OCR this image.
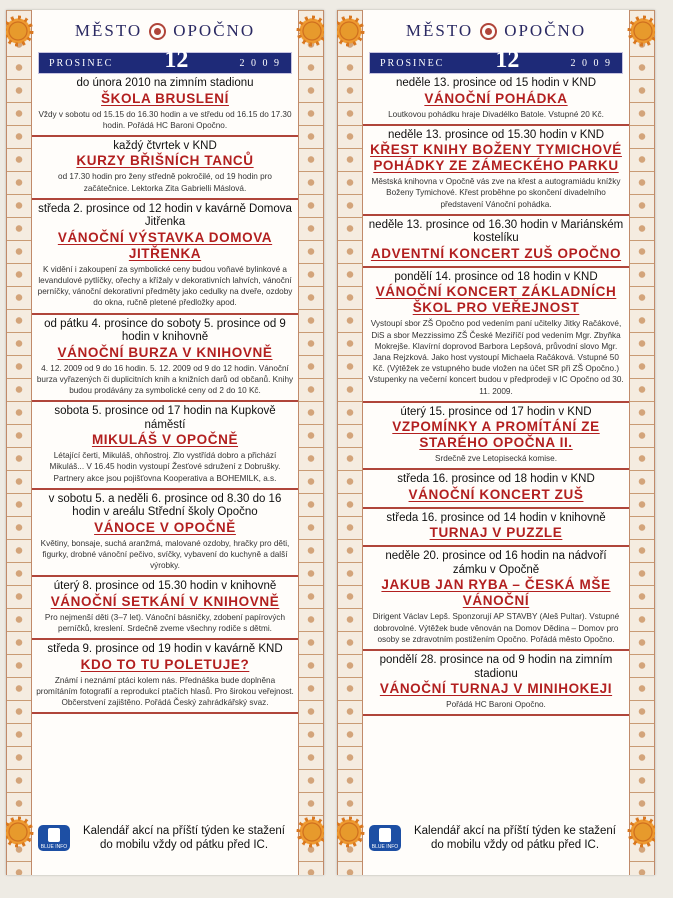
MĚSTO OPOČNO
PROSINEC 12	2 0 0 9
do února 2010 na zimním stadionu
ŠKOLA BRUSLENÍ
Vždy v sobotu od 15.15 do 16.30 hodin a ve středu od 16.15 do 17.30 hodin. Pořádá HC Baroni Opočno.
každý čtvrtek v KND
KURZY BŘIŠNÍCH TANCŮ
od 17.30 hodin pro ženy středně pokročilé, od 19 hodin pro začátečnice. Lektorka Zita Gabrielli Máslová.
středa 2. prosince od 12 hodin v kavárně Domova Jitřenka
VÁNOČNÍ VÝSTAVKA DOMOVA JITŘENKA
K vidění i zakoupení za symbolické ceny budou voňavé bylinkové a levandulové pytlíčky, ořechy a křížaly v dekorativních lahvích, vánoční perníčky, vánoční dekorativní předměty jako cedulky na dveře, ozdoby do okna, ručně pletené předložky apod.
od pátku 4. prosince do soboty 5. prosince od 9 hodin v knihovně
VÁNOČNÍ BURZA V KNIHOVNĚ
4. 12. 2009 od 9 do 16 hodin. 5. 12. 2009 od 9 do 12 hodin. Vánoční burza vyřazených či duplicitních knih a knižních darů od občanů. Knihy budou prodávány za symbolické ceny od 2 do 10 Kč.
sobota 5. prosince od 17 hodin na Kupkově náměstí
MIKULÁŠ V OPOČNĚ
Létající čerti, Mikuláš, ohňostroj. Zlo vystřídá dobro a přichází Mikuláš... V 16.45 hodin vystoupí Žesťové sdružení z Dobrušky. Partnery akce jsou pojišťovna Kooperativa a BOHEMILK, a.s.
v sobotu 5. a neděli 6. prosince od 8.30 do 16 hodin v areálu Střední školy Opočno
VÁNOCE V OPOČNĚ
Květiny, bonsaje, suchá aranžmá, malované ozdoby, hračky pro děti, figurky, drobné vánoční pečivo, svíčky, vybavení do kuchyně a další výrobky.
úterý 8. prosince od 15.30 hodin v knihovně
VÁNOČNÍ SETKÁNÍ V KNIHOVNĚ
Pro nejmenší děti (3–7 let). Vánoční básničky, zdobení papírových perníčků, kreslení. Srdečně zveme všechny rodiče s dětmi.
středa 9. prosince od 19 hodin v kavárně KND
KDO TO TU POLETUJE?
Známí i neznámí ptáci kolem nás. Přednáška bude doplněna promítáním fotografií a reprodukcí ptačích hlasů. Pro širokou veřejnost. Občerstvení zajištěno. Pořádá Český zahrádkářský svaz.
BLUE INFO
Kalendář akcí na příští týden ke stažení do mobilu vždy od pátku před IC.
MĚSTO OPOČNO
PROSINEC 12	2 0 0 9
neděle 13. prosince od 15 hodin v KND
VÁNOČNÍ POHÁDKA
Loutkovou pohádku hraje Divadélko Batole. Vstupné 20 Kč.
neděle 13. prosince od 15.30 hodin v KND
KŘEST KNIHY BOŽENY TYMICHOVÉ POHÁDKY ZE ZÁMECKÉHO PARKU
Městská knihovna v Opočně vás zve na křest a autogramiádu knížky Boženy Tymichové. Křest proběhne po skončení divadelního představení Vánoční pohádka.
neděle 13. prosince od 16.30 hodin v Mariánském kostelíku
ADVENTNÍ KONCERT ZUŠ OPOČNO
pondělí 14. prosince od 18 hodin v KND
VÁNOČNÍ KONCERT ZÁKLADNÍCH ŠKOL PRO VEŘEJNOST
Vystoupí sbor ZŠ Opočno pod vedením paní učitelky Jitky Račákové, DiS a sbor Mezzissimo ZŠ České Meziříčí pod vedením Mgr. Zbyňka Mokrejše. Klavírní doprovod Barbora Lepšová, průvodní slovo Mgr. Jana Rejzková. Jako host vystoupí Michaela Račáková. Vstupné 50 Kč. (Výtěžek ze vstupného bude vložen na účet SR při ZŠ Opočno.) Vstupenky na večerní koncert budou v předprodeji v IC Opočno od 30. 11. 2009.
úterý 15. prosince od 17 hodin v KND
VZPOMÍNKY A PROMÍTÁNÍ ZE STARÉHO OPOČNA II.
Srdečně zve Letopisecká komise.
středa 16. prosince od 18 hodin v KND
VÁNOČNÍ KONCERT ZUŠ
středa 16. prosince od 14 hodin v knihovně
TURNAJ V PUZZLE
neděle 20. prosince od 16 hodin na nádvoří zámku v Opočně
JAKUB JAN RYBA – ČESKÁ MŠE VÁNOČNÍ
Dirigent Václav Lepš. Sponzorují AP STAVBY (Aleš Pultar). Vstupné dobrovolné. Výtěžek bude věnován na Domov Dědina – Domov pro osoby se zdravotním postižením Opočno. Pořádá město Opočno.
pondělí 28. prosince na od 9 hodin na zimním stadionu
VÁNOČNÍ TURNAJ V MINIHOKEJI
Pořádá HC Baroni Opočno.
BLUE INFO
Kalendář akcí na příští týden ke stažení do mobilu vždy od pátku před IC.
